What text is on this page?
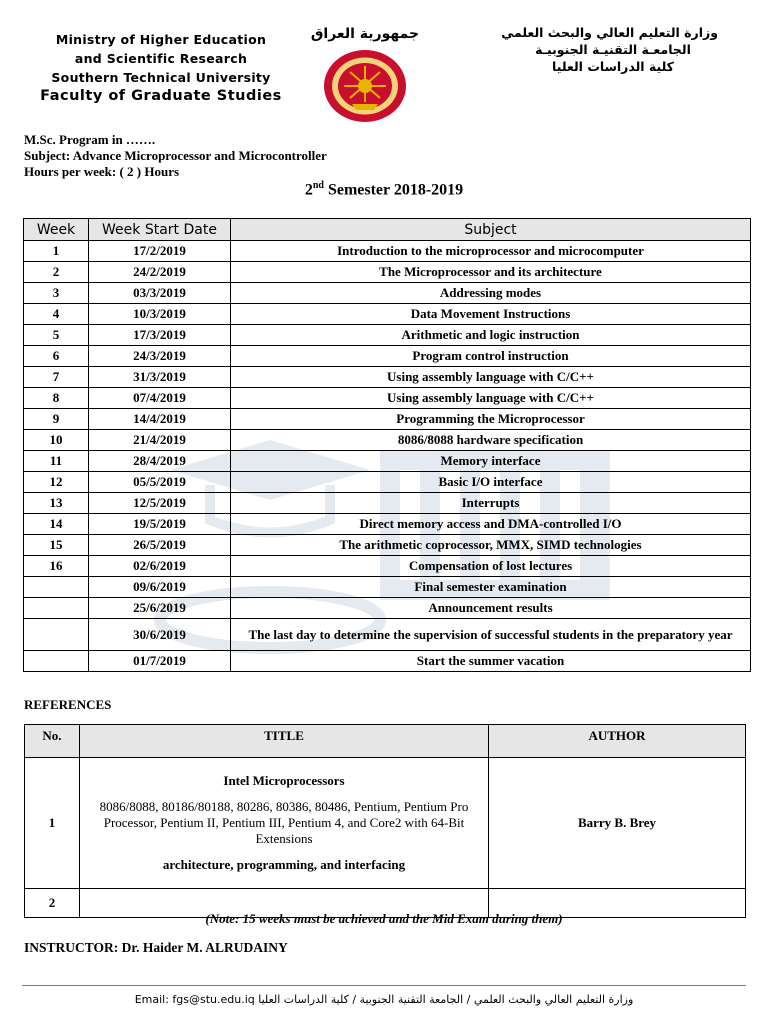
Ministry of Higher Education
and Scientific Research
Southern Technical University
Faculty of Graduate Studies
جمهورية العراق	وزارة التعليم العالي والبحث العلمي
الجامعـة التقنيـة الجنوبيـة
كلية الدراسات العليا
M.Sc. Program in …….
Subject: Advance Microprocessor and Microcontroller
Hours per week: ( 2 ) Hours
2nd Semester 2018-2019
Week	Week Start Date	Subject
1	17/2/2019	Introduction to the microprocessor and microcomputer
2	24/2/2019	The Microprocessor and its architecture
3	03/3/2019	Addressing modes
4	10/3/2019	Data Movement Instructions
5	17/3/2019	Arithmetic and logic instruction
6	24/3/2019	Program control instruction
7	31/3/2019	Using assembly language with C/C++
8	07/4/2019	Using assembly language with C/C++
9	14/4/2019	Programming the Microprocessor
10	21/4/2019	8086/8088 hardware specification
11	28/4/2019	Memory interface
12	05/5/2019	Basic I/O interface
13	12/5/2019	Interrupts
14	19/5/2019	Direct memory access and DMA-controlled I/O
15	26/5/2019	The arithmetic coprocessor, MMX, SIMD technologies
16	02/6/2019	Compensation of lost lectures
	09/6/2019	Final semester examination
	25/6/2019	Announcement results
	30/6/2019	The last day to determine the supervision of successful students in the preparatory year
	01/7/2019	Start the summer vacation
REFERENCES
No.	TITLE	AUTHOR
1	Intel Microprocessors
8086/8088, 80186/80188, 80286, 80386, 80486, Pentium, Pentium Pro Processor, Pentium II, Pentium III, Pentium 4, and Core2 with 64-Bit Extensions
architecture, programming, and interfacing	Barry B. Brey
2		
(Note: 15 weeks must be achieved and the Mid Exam during them)
INSTRUCTOR: Dr. Haider M. ALRUDAINY
Email: fgs@stu.edu.iq وزارة التعليم العالي والبحث العلمي / الجامعة التقنية الجنوبية / كلية الدراسات العليا
